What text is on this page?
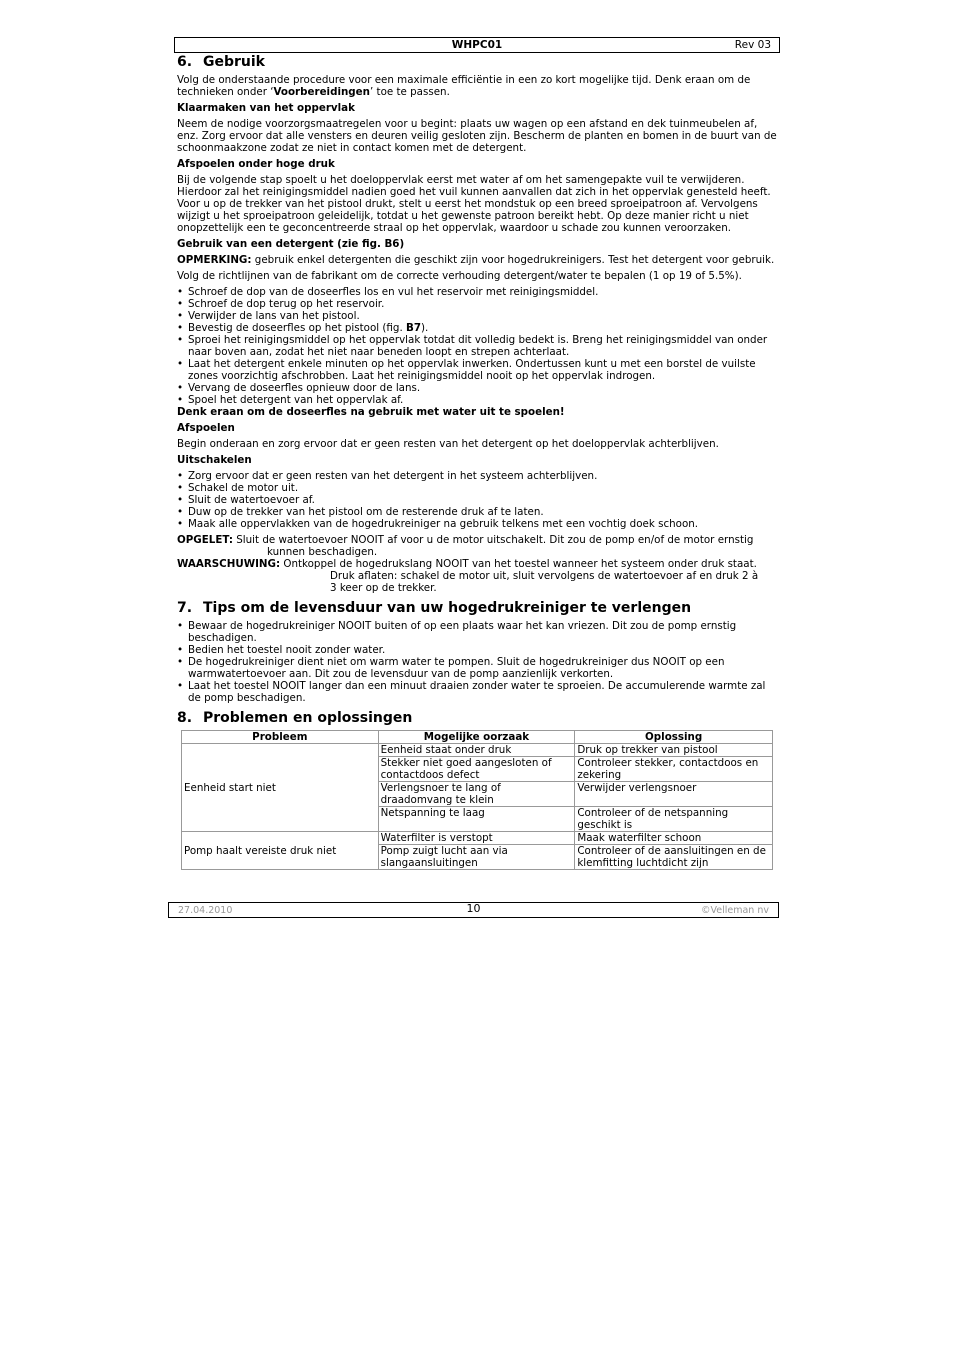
WHPC01	Rev 03
6. Gebruik

Volg de onderstaande procedure voor een maximale efficiëntie in een zo kort mogelijke tijd. Denk eraan om de technieken onder ‘Voorbereidingen’ toe te passen.

Klaarmaken van het oppervlak

Neem de nodige voorzorgsmaatregelen voor u begint: plaats uw wagen op een afstand en dek tuinmeubelen af, enz. Zorg ervoor dat alle vensters en deuren veilig gesloten zijn. Bescherm de planten en bomen in de buurt van de schoonmaakzone zodat ze niet in contact komen met de detergent.

Afspoelen onder hoge druk

Bij de volgende stap spoelt u het doeloppervlak eerst met water af om het samengepakte vuil te verwijderen. Hierdoor zal het reinigingsmiddel nadien goed het vuil kunnen aanvallen dat zich in het oppervlak genesteld heeft. Voor u op de trekker van het pistool drukt, stelt u eerst het mondstuk op een breed sproeipatroon af. Vervolgens wijzigt u het sproeipatroon geleidelijk, totdat u het gewenste patroon bereikt hebt. Op deze manier richt u niet onopzettelijk een te geconcentreerde straal op het oppervlak, waardoor u schade zou kunnen veroorzaken.

Gebruik van een detergent (zie fig. B6)

OPMERKING: gebruik enkel detergenten die geschikt zijn voor hogedrukreinigers. Test het detergent voor gebruik.

Volg de richtlijnen van de fabrikant om de correcte verhouding detergent/water te bepalen (1 op 19 of 5.5%).

• Schroef de dop van de doseerfles los en vul het reservoir met reinigingsmiddel.
• Schroef de dop terug op het reservoir.
• Verwijder de lans van het pistool.
• Bevestig de doseerfles op het pistool (fig. B7).
• Sproei het reinigingsmiddel op het oppervlak totdat dit volledig bedekt is. Breng het reinigingsmiddel van onder naar boven aan, zodat het niet naar beneden loopt en strepen achterlaat.
• Laat het detergent enkele minuten op het oppervlak inwerken. Ondertussen kunt u met een borstel de vuilste zones voorzichtig afschrobben. Laat het reinigingsmiddel nooit op het oppervlak indrogen.
• Vervang de doseerfles opnieuw door de lans.
• Spoel het detergent van het oppervlak af.

Denk eraan om de doseerfles na gebruik met water uit te spoelen!

Afspoelen

Begin onderaan en zorg ervoor dat er geen resten van het detergent op het doeloppervlak achterblijven.

Uitschakelen
• Zorg ervoor dat er geen resten van het detergent in het systeem achterblijven.
• Schakel de motor uit.
• Sluit de watertoevoer af.
• Duw op de trekker van het pistool om de resterende druk af te laten.
• Maak alle oppervlakken van de hogedrukreiniger na gebruik telkens met een vochtig doek schoon.
OPGELET: Sluit de watertoevoer NOOIT af voor u de motor uitschakelt. Dit zou de pomp en/of de motor ernstig
kunnen beschadigen.
WAARSCHUWING: Ontkoppel de hogedrukslang NOOIT van het toestel wanneer het systeem onder druk staat.
Druk aflaten: schakel de motor uit, sluit vervolgens de watertoevoer af en druk 2 à
3 keer op de trekker.
7. Tips om de levensduur van uw hogedrukreiniger te verlengen
• Bewaar de hogedrukreiniger NOOIT buiten of op een plaats waar het kan vriezen. Dit zou de pomp ernstig beschadigen.
• Bedien het toestel nooit zonder water.
• De hogedrukreiniger dient niet om warm water te pompen. Sluit de hogedrukreiniger dus NOOIT op een warmwatertoevoer aan. Dit zou de levensduur van de pomp aanzienlijk verkorten.
• Laat het toestel NOOIT langer dan een minuut draaien zonder water te sproeien. De accumulerende warmte zal de pomp beschadigen.
8. Problemen en oplossingen
Probleem	Mogelijke oorzaak	Oplossing
Eenheid start niet	Eenheid staat onder druk	Druk op trekker van pistool
	Stekker niet goed aangesloten of contactdoos defect	Controleer stekker, contactdoos en zekering
	Verlengsnoer te lang of draadomvang te klein	Verwijder verlengsnoer
	Netspanning te laag	Controleer of de netspanning geschikt is
Pomp haalt vereiste druk niet	Waterfilter is verstopt	Maak waterfilter schoon
	Pomp zuigt lucht aan via slangaansluitingen	Controleer of de aansluitingen en de klemfitting luchtdicht zijn
27.04.2010	10	©Velleman nv
